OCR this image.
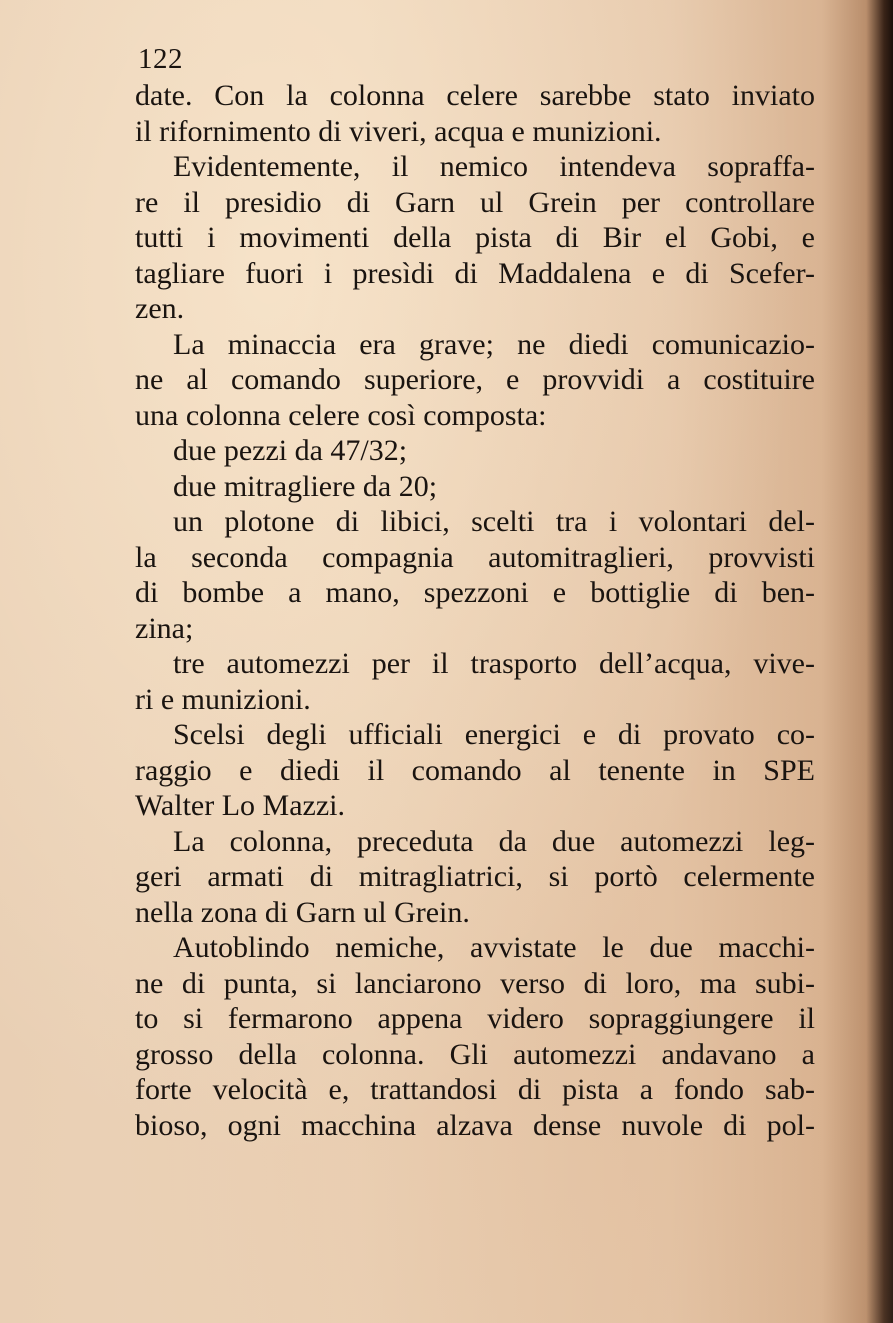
122
date. Con la colonna celere sarebbe stato inviato
il rifornimento di viveri, acqua e munizioni.
Evidentemente, il nemico intendeva sopraffa-
re il presidio di Garn ul Grein per controllare
tutti i movimenti della pista di Bir el Gobi, e
tagliare fuori i presìdi di Maddalena e di Scefer-
zen.
La minaccia era grave; ne diedi comunicazio-
ne al comando superiore, e provvidi a costituire
una colonna celere così composta:
due pezzi da 47/32;
due mitragliere da 20;
un plotone di libici, scelti tra i volontari del-
la seconda compagnia automitraglieri, provvisti
di bombe a mano, spezzoni e bottiglie di ben-
zina;
tre automezzi per il trasporto dell’acqua, vive-
ri e munizioni.
Scelsi degli ufficiali energici e di provato co-
raggio e diedi il comando al tenente in SPE
Walter Lo Mazzi.
La colonna, preceduta da due automezzi leg-
geri armati di mitragliatrici, si portò celermente
nella zona di Garn ul Grein.
Autoblindo nemiche, avvistate le due macchi-
ne di punta, si lanciarono verso di loro, ma subi-
to si fermarono appena videro sopraggiungere il
grosso della colonna. Gli automezzi andavano a
forte velocità e, trattandosi di pista a fondo sab-
bioso, ogni macchina alzava dense nuvole di pol-
